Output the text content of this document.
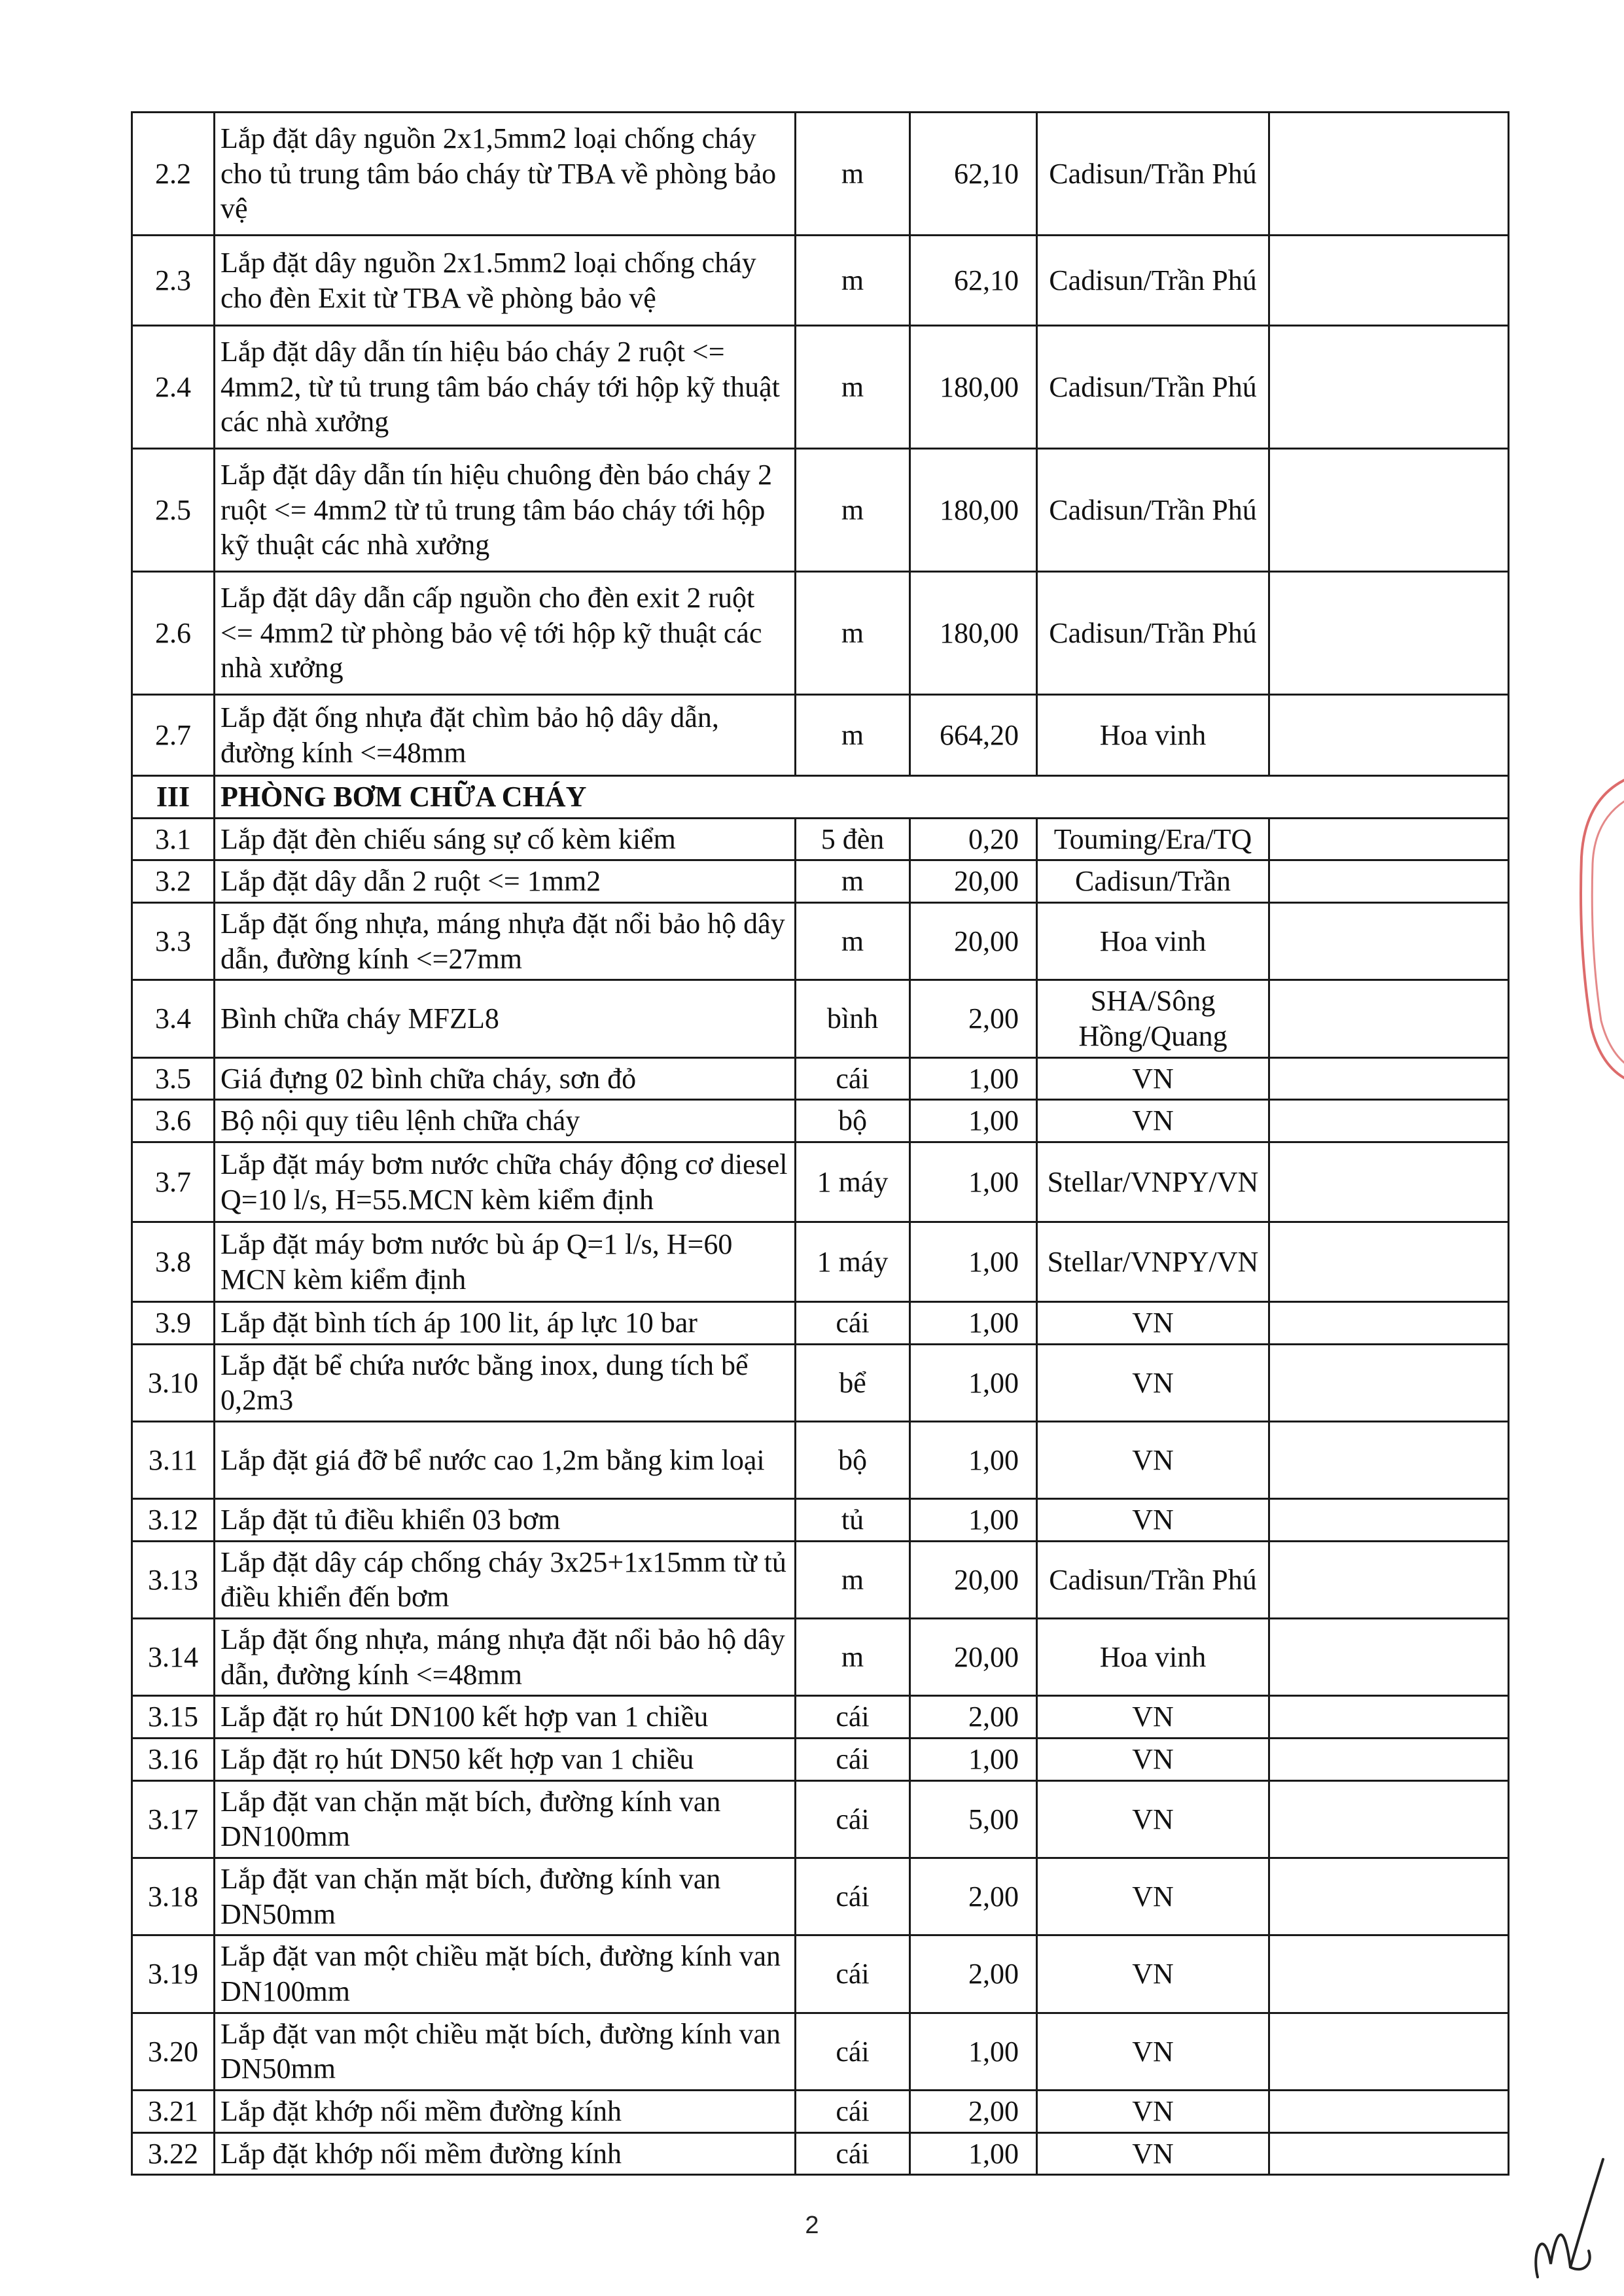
2.2	Lắp đặt dây nguồn 2x1,5mm2 loại chống cháy cho tủ trung tâm báo cháy từ TBA về phòng bảo vệ	m	62,10	Cadisun/Trần Phú	
2.3	Lắp đặt dây nguồn 2x1.5mm2 loại chống cháy cho đèn Exit từ TBA về phòng bảo vệ	m	62,10	Cadisun/Trần Phú	
2.4	Lắp đặt dây dẫn tín hiệu báo cháy 2 ruột <= 4mm2, từ tủ trung tâm báo cháy tới hộp kỹ thuật các nhà xưởng	m	180,00	Cadisun/Trần Phú	
2.5	Lắp đặt dây dẫn tín hiệu chuông đèn báo cháy 2 ruột <= 4mm2 từ tủ trung tâm báo cháy tới hộp kỹ thuật các nhà xưởng	m	180,00	Cadisun/Trần Phú	
2.6	Lắp đặt dây dẫn cấp nguồn cho đèn exit 2 ruột <= 4mm2 từ phòng bảo vệ tới hộp kỹ thuật các nhà xưởng	m	180,00	Cadisun/Trần Phú	
2.7	Lắp đặt ống nhựa đặt chìm bảo hộ dây dẫn, đường kính <=48mm	m	664,20	Hoa vinh	
III	PHÒNG BƠM CHỮA CHÁY				
3.1	Lắp đặt đèn chiếu sáng sự cố kèm kiểm	5 đèn	0,20	Touming/Era/TQ	
3.2	Lắp đặt dây dẫn 2 ruột <= 1mm2	m	20,00	Cadisun/Trần	
3.3	Lắp đặt ống nhựa, máng nhựa đặt nổi bảo hộ dây dẫn, đường kính <=27mm	m	20,00	Hoa vinh	
3.4	Bình chữa cháy MFZL8	bình	2,00	SHA/Sông Hồng/Quang	
3.5	Giá đựng 02 bình chữa cháy, sơn đỏ	cái	1,00	VN	
3.6	Bộ nội quy tiêu lệnh chữa cháy	bộ	1,00	VN	
3.7	Lắp đặt máy bơm nước chữa cháy động cơ diesel Q=10 l/s, H=55.MCN kèm kiểm định	1 máy	1,00	Stellar/VNPY/VN	
3.8	Lắp đặt máy bơm nước bù áp Q=1 l/s, H=60 MCN kèm kiểm định	1 máy	1,00	Stellar/VNPY/VN	
3.9	Lắp đặt bình tích áp 100 lit, áp lực 10 bar	cái	1,00	VN	
3.10	Lắp đặt bể chứa nước bằng inox, dung tích bể 0,2m3	bể	1,00	VN	
3.11	Lắp đặt giá đỡ bể nước cao 1,2m bằng kim loại	bộ	1,00	VN	
3.12	Lắp đặt tủ điều khiển 03 bơm	tủ	1,00	VN	
3.13	Lắp đặt dây cáp chống cháy 3x25+1x15mm từ tủ điều khiển đến bơm	m	20,00	Cadisun/Trần Phú	
3.14	Lắp đặt ống nhựa, máng nhựa đặt nổi bảo hộ dây dẫn, đường kính <=48mm	m	20,00	Hoa vinh	
3.15	Lắp đặt rọ hút DN100 kết hợp van 1 chiều	cái	2,00	VN	
3.16	Lắp đặt rọ hút DN50 kết hợp van 1 chiều	cái	1,00	VN	
3.17	Lắp đặt van chặn mặt bích, đường kính van DN100mm	cái	5,00	VN	
3.18	Lắp đặt van chặn mặt bích, đường kính van DN50mm	cái	2,00	VN	
3.19	Lắp đặt van một chiều mặt bích, đường kính van DN100mm	cái	2,00	VN	
3.20	Lắp đặt van một chiều mặt bích, đường kính van DN50mm	cái	1,00	VN	
3.21	Lắp đặt khớp nối mềm đường kính	cái	2,00	VN	
3.22	Lắp đặt khớp nối mềm đường kính	cái	1,00	VN	
2
